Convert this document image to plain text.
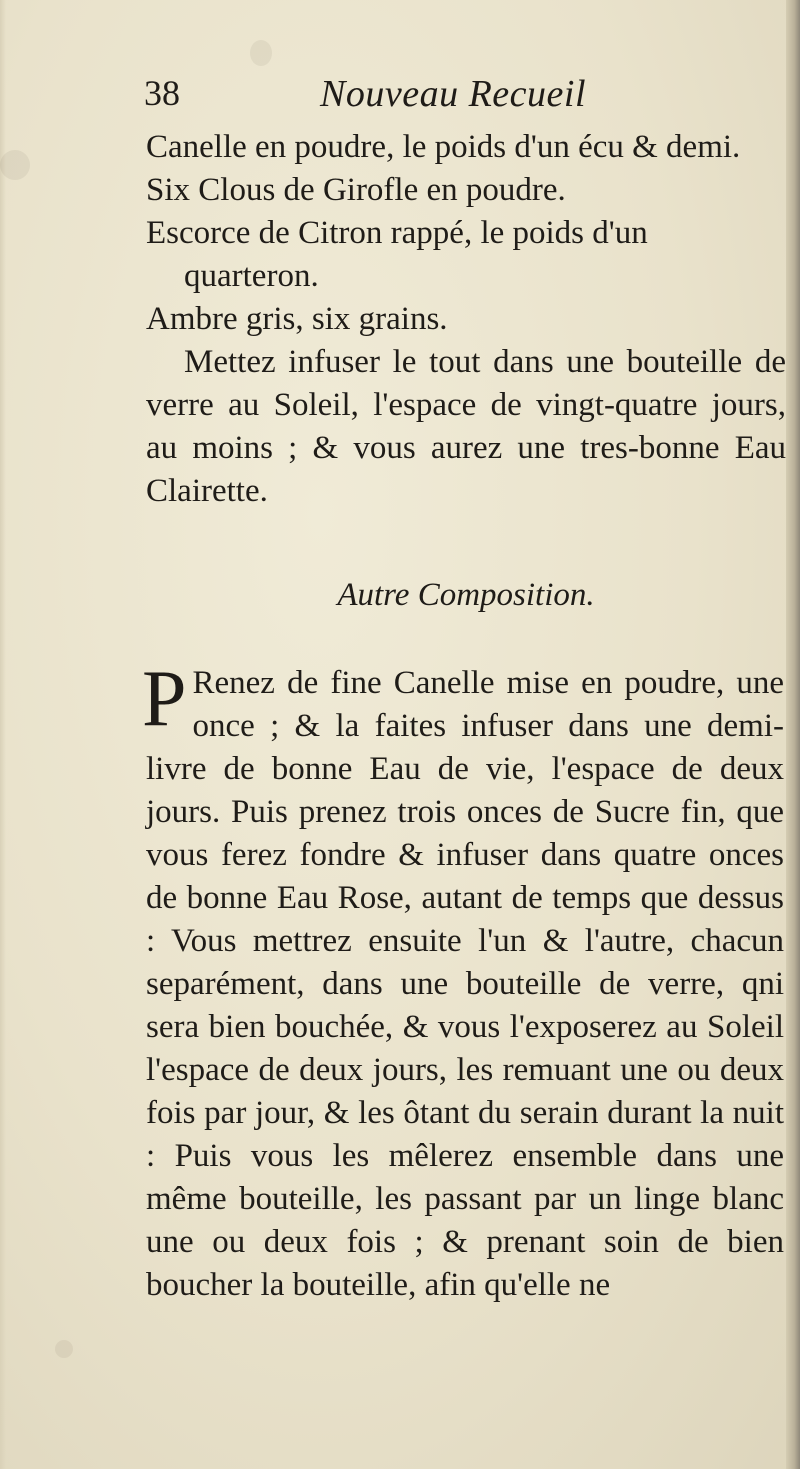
38	Nouveau Recueil

Canelle en poudre, le poids d'un écu & demi.

Six Clous de Girofle en poudre.

Escorce de Citron rappé, le poids d'un quarteron.

Ambre gris, six grains.

Mettez infuser le tout dans une bouteille de verre au Soleil, l'espace de vingt-quatre jours, au moins ; & vous aurez une tres-bonne Eau Clairette.

Autre Composition.
P Renez de fine Canelle mise en poudre, une once ; & la faites infuser dans une demi-livre de bonne Eau de vie, l'espace de deux jours. Puis prenez trois onces de Sucre fin, que vous ferez fondre & infuser dans quatre onces de bonne Eau Rose, autant de temps que dessus : Vous mettrez ensuite l'un & l'autre, chacun separément, dans une bouteille de verre, qni sera bien bouchée, & vous l'exposerez au Soleil l'espace de deux jours, les remuant une ou deux fois par jour, & les ôtant du serain durant la nuit : Puis vous les mêlerez ensemble dans une même bouteille, les passant par un linge blanc une ou deux fois ; & prenant soin de bien boucher la bouteille, afin qu'elle ne
